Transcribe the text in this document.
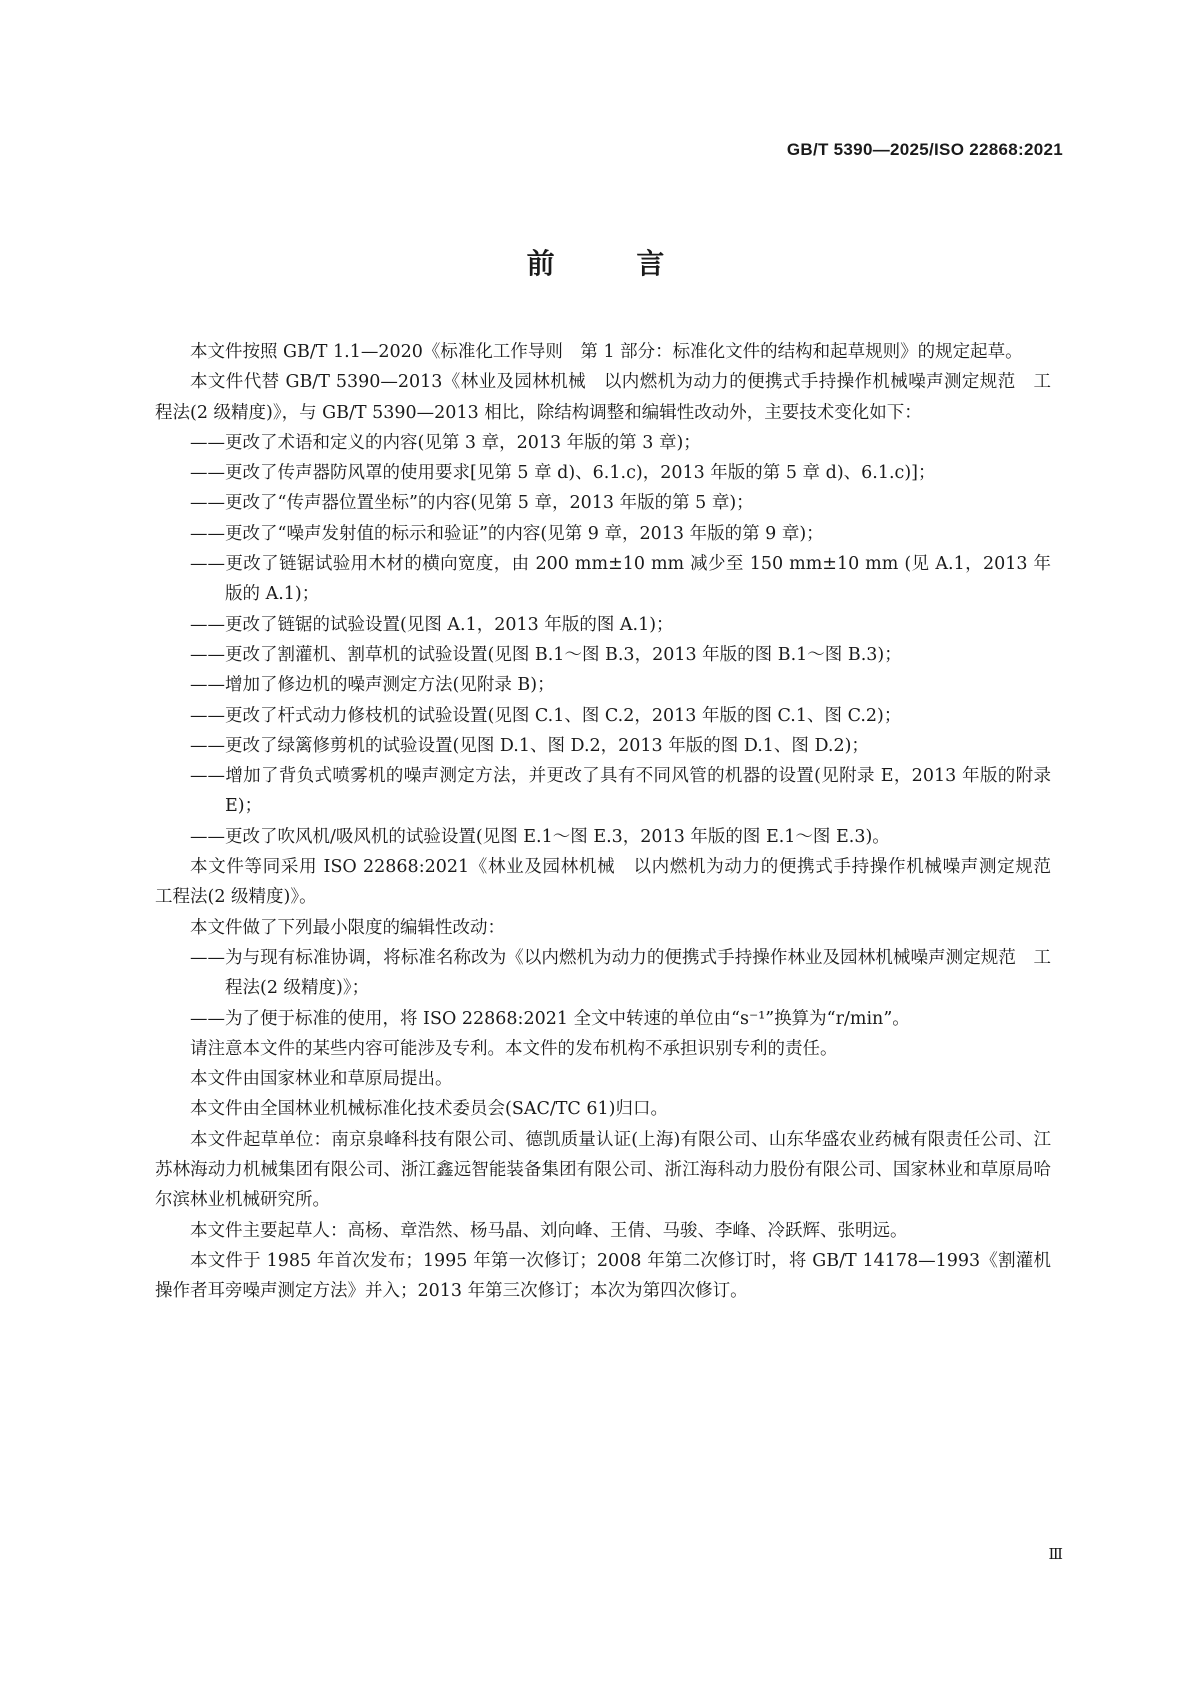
GB/T 5390—2025/ISO 22868:2021
前 言

本文件按照 GB/T 1.1—2020《标准化工作导则　第 1 部分：标准化文件的结构和起草规则》的规定起草。

本文件代替 GB/T 5390—2013《林业及园林机械　以内燃机为动力的便携式手持操作机械噪声测定规范　工程法(2 级精度)》，与 GB/T 5390—2013 相比，除结构调整和编辑性改动外，主要技术变化如下：

——更改了术语和定义的内容(见第 3 章，2013 年版的第 3 章)；

——更改了传声器防风罩的使用要求[见第 5 章 d)、6.1.c)，2013 年版的第 5 章 d)、6.1.c)]；

——更改了“传声器位置坐标”的内容(见第 5 章，2013 年版的第 5 章)；

——更改了“噪声发射值的标示和验证”的内容(见第 9 章，2013 年版的第 9 章)；

——更改了链锯试验用木材的横向宽度，由 200 mm±10 mm 减少至 150 mm±10 mm (见 A.1，2013 年版的 A.1)；

——更改了链锯的试验设置(见图 A.1，2013 年版的图 A.1)；

——更改了割灌机、割草机的试验设置(见图 B.1～图 B.3，2013 年版的图 B.1～图 B.3)；

——增加了修边机的噪声测定方法(见附录 B)；

——更改了杆式动力修枝机的试验设置(见图 C.1、图 C.2，2013 年版的图 C.1、图 C.2)；

——更改了绿篱修剪机的试验设置(见图 D.1、图 D.2，2013 年版的图 D.1、图 D.2)；

——增加了背负式喷雾机的噪声测定方法，并更改了具有不同风管的机器的设置(见附录 E，2013 年版的附录 E)；

——更改了吹风机/吸风机的试验设置(见图 E.1～图 E.3，2013 年版的图 E.1～图 E.3)。

本文件等同采用 ISO 22868:2021《林业及园林机械　以内燃机为动力的便携式手持操作机械噪声测定规范　工程法(2 级精度)》。

本文件做了下列最小限度的编辑性改动：

——为与现有标准协调，将标准名称改为《以内燃机为动力的便携式手持操作林业及园林机械噪声测定规范　工程法(2 级精度)》；

——为了便于标准的使用，将 ISO 22868:2021 全文中转速的单位由“s⁻¹”换算为“r/min”。

请注意本文件的某些内容可能涉及专利。本文件的发布机构不承担识别专利的责任。

本文件由国家林业和草原局提出。

本文件由全国林业机械标准化技术委员会(SAC/TC 61)归口。

本文件起草单位：南京泉峰科技有限公司、德凯质量认证(上海)有限公司、山东华盛农业药械有限责任公司、江苏林海动力机械集团有限公司、浙江鑫远智能装备集团有限公司、浙江海科动力股份有限公司、国家林业和草原局哈尔滨林业机械研究所。

本文件主要起草人：高杨、章浩然、杨马晶、刘向峰、王倩、马骏、李峰、冷跃辉、张明远。

本文件于 1985 年首次发布；1995 年第一次修订；2008 年第二次修订时，将 GB/T 14178—1993《割灌机　操作者耳旁噪声测定方法》并入；2013 年第三次修订；本次为第四次修订。

Ⅲ
